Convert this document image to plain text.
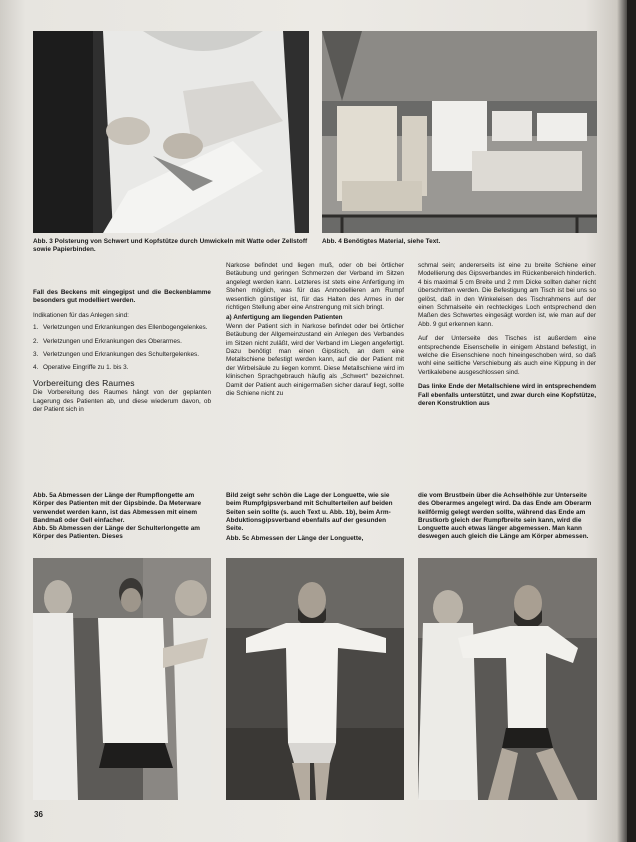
Abb. 3 Polsterung von Schwert und Kopfstütze durch Umwickeln mit Watte oder Zellstoff sowie Papierbinden.
Abb. 4 Benötigtes Material, siehe Text.

Fall des Beckens mit eingegipst und die Beckenblamme besonders gut modelliert werden.

Indikationen für das Anlegen sind:

1. Verletzungen und Erkrankungen des Ellenbogengelenkes.
2. Verletzungen und Erkrankungen des Oberarmes.
3. Verletzungen und Erkrankungen des Schultergelenkes.
4. Operative Eingriffe zu 1. bis 3.
Vorbereitung des Raumes

Die Vorbereitung des Raumes hängt von der geplanten Lagerung des Patienten ab, und diese wiederum davon, ob der Patient sich in

Narkose befindet und liegen muß, oder ob bei örtlicher Betäubung und geringen Schmerzen der Verband im Sitzen angelegt werden kann. Letzteres ist stets eine Anfertigung im Stehen möglich, was für das Anmodellieren am Rumpf wesentlich günstiger ist, für das Halten des Armes in der richtigen Stellung aber eine Anstrengung mit sich bringt.

a) Anfertigung am liegenden Patienten

Wenn der Patient sich in Narkose befindet oder bei örtlicher Betäubung der Allgemeinzustand ein Anlegen des Verbandes im Sitzen nicht zuläßt, wird der Verband im Liegen angefertigt. Dazu benötigt man einen Gipstisch, an dem eine Metallschiene befestigt werden kann, auf die der Patient mit der Wirbelsäule zu liegen kommt. Diese Metallschiene wird im klinischen Sprachgebrauch häufig als „Schwert“ bezeichnet. Damit der Patient auch einigermaßen sicher darauf liegt, sollte die Schiene nicht zu

schmal sein; andererseits ist eine zu breite Schiene einer Modellierung des Gipsverbandes im Rückenbereich hinderlich. 4 bis maximal 5 cm Breite und 2 mm Dicke sollten daher nicht überschritten werden. Die Befestigung am Tisch ist bei uns so gelöst, daß in den Winkeleisen des Tischrahmens auf der einen Schmalseite ein rechteckiges Loch entsprechend den Maßen des Schwertes eingesägt worden ist, wie man auf der Abb. 9 gut erkennen kann.

Auf der Unterseite des Tisches ist außerdem eine entsprechende Eisenschelle in einigem Abstand befestigt, in welche die Eisenschiene noch hineingeschoben wird, so daß wohl eine seitliche Verschiebung als auch eine Kippung in der Vertikalebene ausgeschlossen sind.

Das linke Ende der Metallschiene wird in entsprechendem Fall ebenfalls unterstützt, und zwar durch eine Kopfstütze, deren Konstruktion aus

Abb. 5a Abmessen der Länge der Rumpflongette am Körper des Patienten mit der Gipsbinde. Da Meterware verwendet werden kann, ist das Abmessen mit einem Bandmaß oder Gell einfacher.
Abb. 5b Abmessen der Länge der Schulterlongette am Körper des Patienten. Dieses
Bild zeigt sehr schön die Lage der Longuette, wie sie beim Rumpfgipsverband mit Schulterteilen auf beiden Seiten sein sollte (s. auch Text u. Abb. 1b), beim Arm-Abduktionsgipsverband ebenfalls auf der gesunden Seite.
Abb. 5c Abmessen der Länge der Longuette,
die vom Brustbein über die Achselhöhle zur Unterseite des Oberarmes angelegt wird. Da das Ende am Oberarm keilförmig gelegt werden sollte, während das Ende am Brustkorb gleich der Rumpfbreite sein kann, wird die Longuette auch etwas länger abgemessen. Man kann deswegen auch gleich die Länge am Körper abmessen.
36
